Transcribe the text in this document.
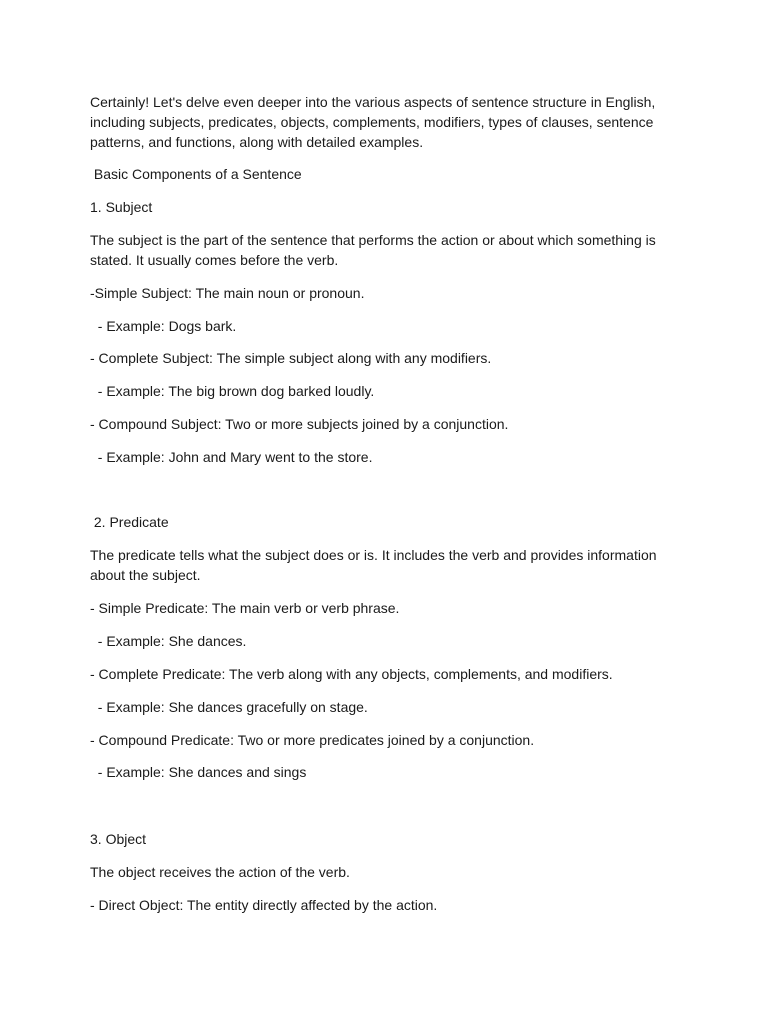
Certainly! Let's delve even deeper into the various aspects of sentence structure in English, including subjects, predicates, objects, complements, modifiers, types of clauses, sentence patterns, and functions, along with detailed examples.

Basic Components of a Sentence

1. Subject

The subject is the part of the sentence that performs the action or about which something is stated. It usually comes before the verb.

-Simple Subject: The main noun or pronoun.

- Example: Dogs bark.

- Complete Subject: The simple subject along with any modifiers.

- Example: The big brown dog barked loudly.

- Compound Subject: Two or more subjects joined by a conjunction.

- Example: John and Mary went to the store.

2. Predicate

The predicate tells what the subject does or is. It includes the verb and provides information about the subject.

- Simple Predicate: The main verb or verb phrase.

- Example: She dances.

- Complete Predicate: The verb along with any objects, complements, and modifiers.

- Example: She dances gracefully on stage.

- Compound Predicate: Two or more predicates joined by a conjunction.

- Example: She dances and sings

3. Object

The object receives the action of the verb.

- Direct Object: The entity directly affected by the action.
